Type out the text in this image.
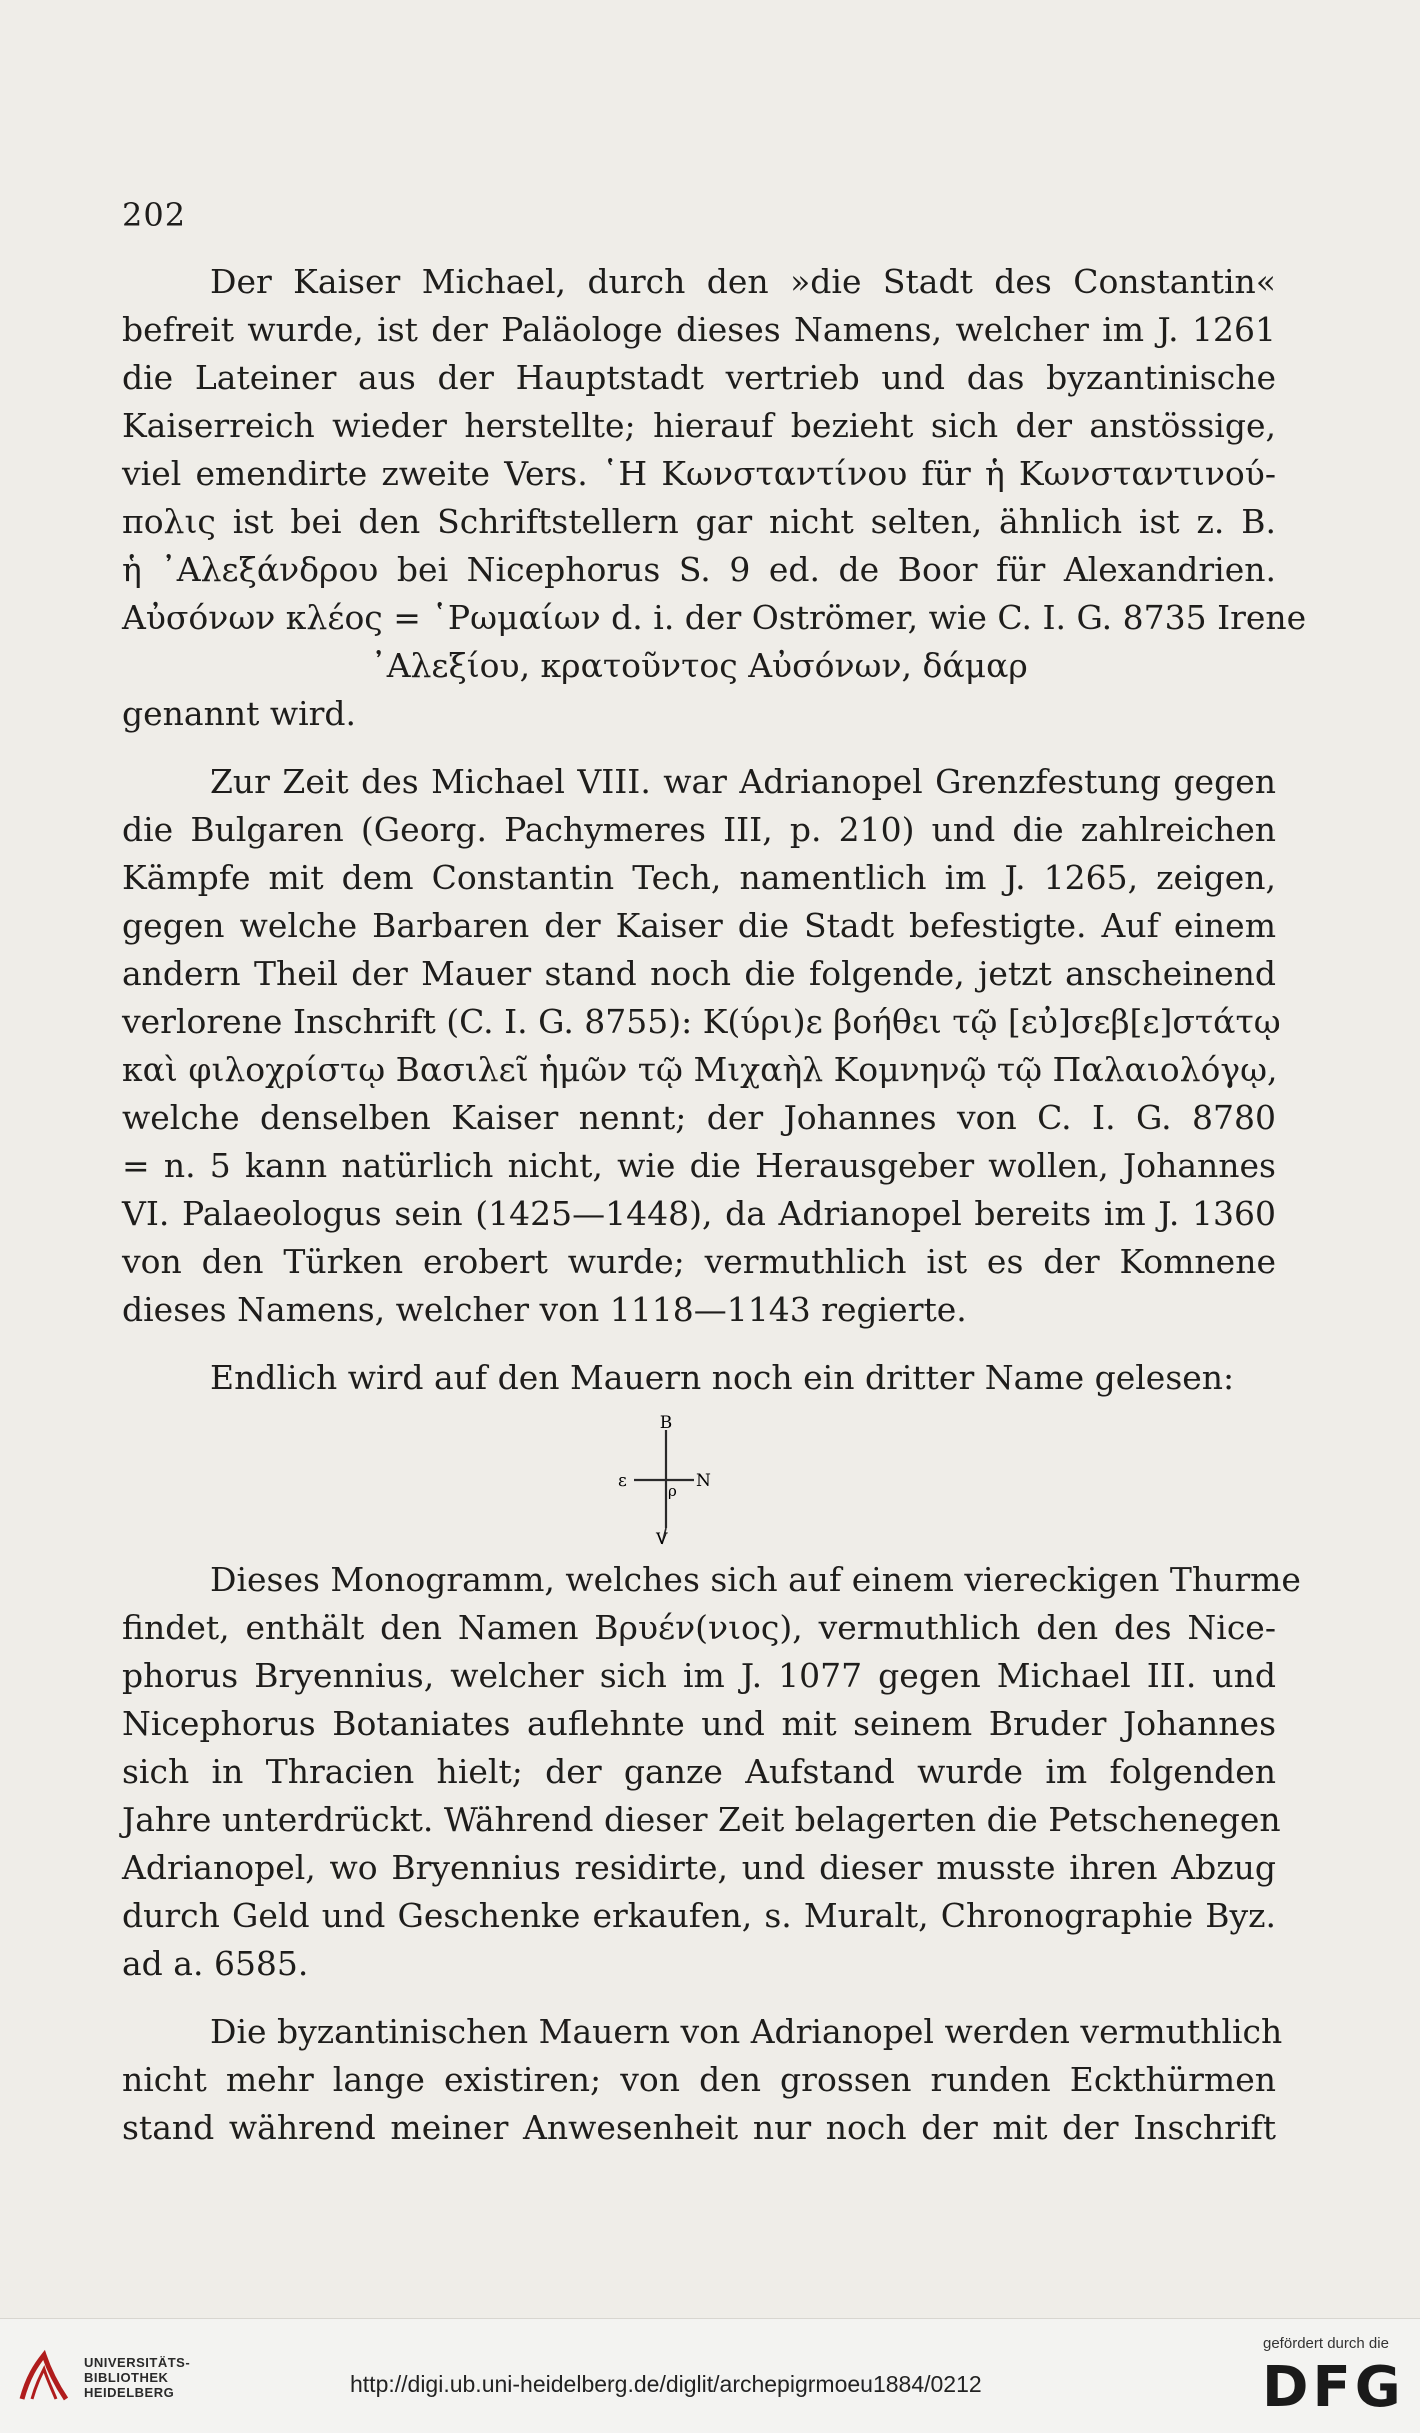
202
Der Kaiser Michael, durch den »die Stadt des Constantin«
befreit wurde, ist der Paläologe dieses Namens, welcher im J. 1261
die Lateiner aus der Hauptstadt vertrieb und das byzantinische
Kaiserreich wieder herstellte; hierauf bezieht sich der anstössige,
viel emendirte zweite Vers. ῾Η Κωνσταντίνου für ἡ Κωνσταντινού-
πολις ist bei den Schriftstellern gar nicht selten, ähnlich ist z. B.
ἡ ᾿Αλεξάνδρου bei Nicephorus S. 9 ed. de Boor für Alexandrien.
Αὐσόνων κλέος = ῾Ρωμαίων d. i. der Oströmer, wie C. I. G. 8735 Irene
᾿Αλεξίου, κρατοῦντος Αὐσόνων, δάμαρ
genannt wird.
Zur Zeit des Michael VIII. war Adrianopel Grenzfestung gegen
die Bulgaren (Georg. Pachymeres III, p. 210) und die zahlreichen
Kämpfe mit dem Constantin Tech, namentlich im J. 1265, zeigen,
gegen welche Barbaren der Kaiser die Stadt befestigte. Auf einem
andern Theil der Mauer stand noch die folgende, jetzt anscheinend
verlorene Inschrift (C. I. G. 8755): Κ(ύρι)ε βοήθει τῷ [εὐ]σεβ[ε]στάτῳ
καὶ φιλοχρίστῳ Βασιλεῖ ἡμῶν τῷ Μιχαὴλ Κομνηνῷ τῷ Παλαιολόγῳ,
welche denselben Kaiser nennt; der Johannes von C. I. G. 8780
= n. 5 kann natürlich nicht, wie die Herausgeber wollen, Johannes
VI. Palaeologus sein (1425—1448), da Adrianopel bereits im J. 1360
von den Türken erobert wurde; vermuthlich ist es der Komnene
dieses Namens, welcher von 1118—1143 regierte.
Endlich wird auf den Mauern noch ein dritter Name gelesen:
B
ε	ρ N
V
Dieses Monogramm, welches sich auf einem viereckigen Thurme
findet, enthält den Namen Βρυέν(νιος), vermuthlich den des Nice-
phorus Bryennius, welcher sich im J. 1077 gegen Michael III. und
Nicephorus Botaniates auflehnte und mit seinem Bruder Johannes
sich in Thracien hielt; der ganze Aufstand wurde im folgenden
Jahre unterdrückt. Während dieser Zeit belagerten die Petschenegen
Adrianopel, wo Bryennius residirte, und dieser musste ihren Abzug
durch Geld und Geschenke erkaufen, s. Muralt, Chronographie Byz.
ad a. 6585.
Die byzantinischen Mauern von Adrianopel werden vermuthlich
nicht mehr lange existiren; von den grossen runden Eckthürmen
stand während meiner Anwesenheit nur noch der mit der Inschrift
UNIVERSITÄTS-
BIBLIOTHEK
HEIDELBERG	http://digi.ub.uni-heidelberg.de/diglit/archepigrmoeu1884/0212
gefördert durch die
DFG
